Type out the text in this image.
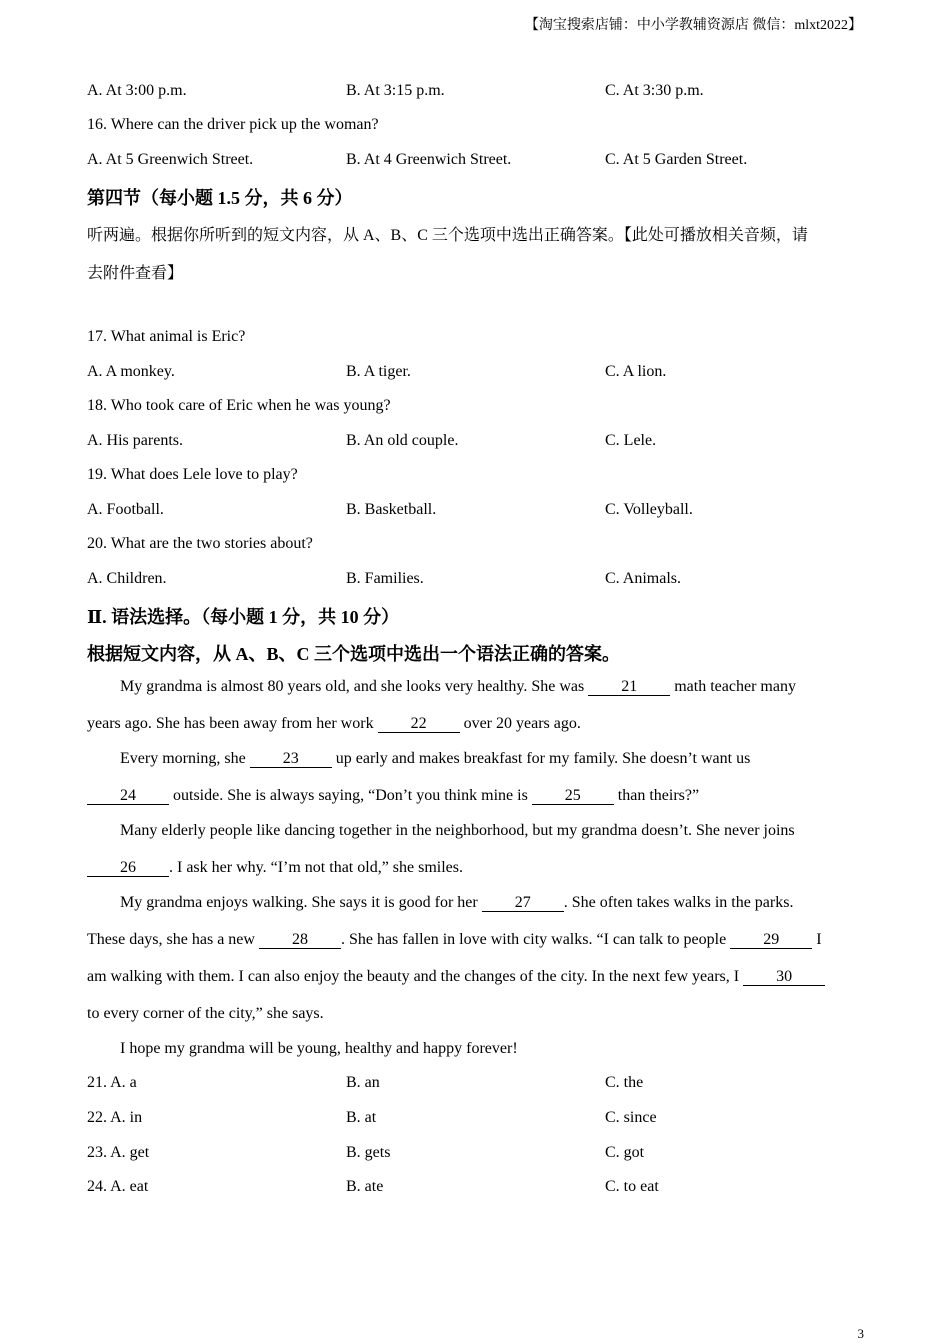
【淘宝搜索店铺：中小学教辅资源店 微信：mlxt2022】
A. At 3:00 p.m.	B. At 3:15 p.m.	C. At 3:30 p.m.
16. Where can the driver pick up the woman?
A. At 5 Greenwich Street.	B. At 4 Greenwich Street.	C. At 5 Garden Street.
第四节（每小题 1.5 分，共 6 分）
听两遍。根据你所听到的短文内容，从 A、B、C 三个选项中选出正确答案。【此处可播放相关音频，请
去附件查看】
17. What animal is Eric?
A. A monkey.	B. A tiger.	C. A lion.
18. Who took care of Eric when he was young?
A. His parents.	B. An old couple.	C. Lele.
19. What does Lele love to play?
A. Football.	B. Basketball.	C. Volleyball.
20. What are the two stories about?
A. Children.	B. Families.	C. Animals.
Ⅱ. 语法选择。（每小题 1 分，共 10 分）
根据短文内容，从 A、B、C 三个选项中选出一个语法正确的答案。
My grandma is almost 80 years old, and she looks very healthy. She was 21 math teacher many
years ago. She has been away from her work 22 over 20 years ago.
Every morning, she 23 up early and makes breakfast for my family. She doesn’t want us
24 outside. She is always saying, “Don’t you think mine is 25 than theirs?”
Many elderly people like dancing together in the neighborhood, but my grandma doesn’t. She never joins
26 . I ask her why. “I’m not that old,” she smiles.
My grandma enjoys walking. She says it is good for her 27 . She often takes walks in the parks.
These days, she has a new 28 . She has fallen in love with city walks. “I can talk to people 29 I
am walking with them. I can also enjoy the beauty and the changes of the city. In the next few years, I 30
to every corner of the city,” she says.
I hope my grandma will be young, healthy and happy forever!
21. A. a	B. an	C. the
22. A. in	B. at	C. since
23. A. get	B. gets	C. got
24. A. eat	B. ate	C. to eat
3
